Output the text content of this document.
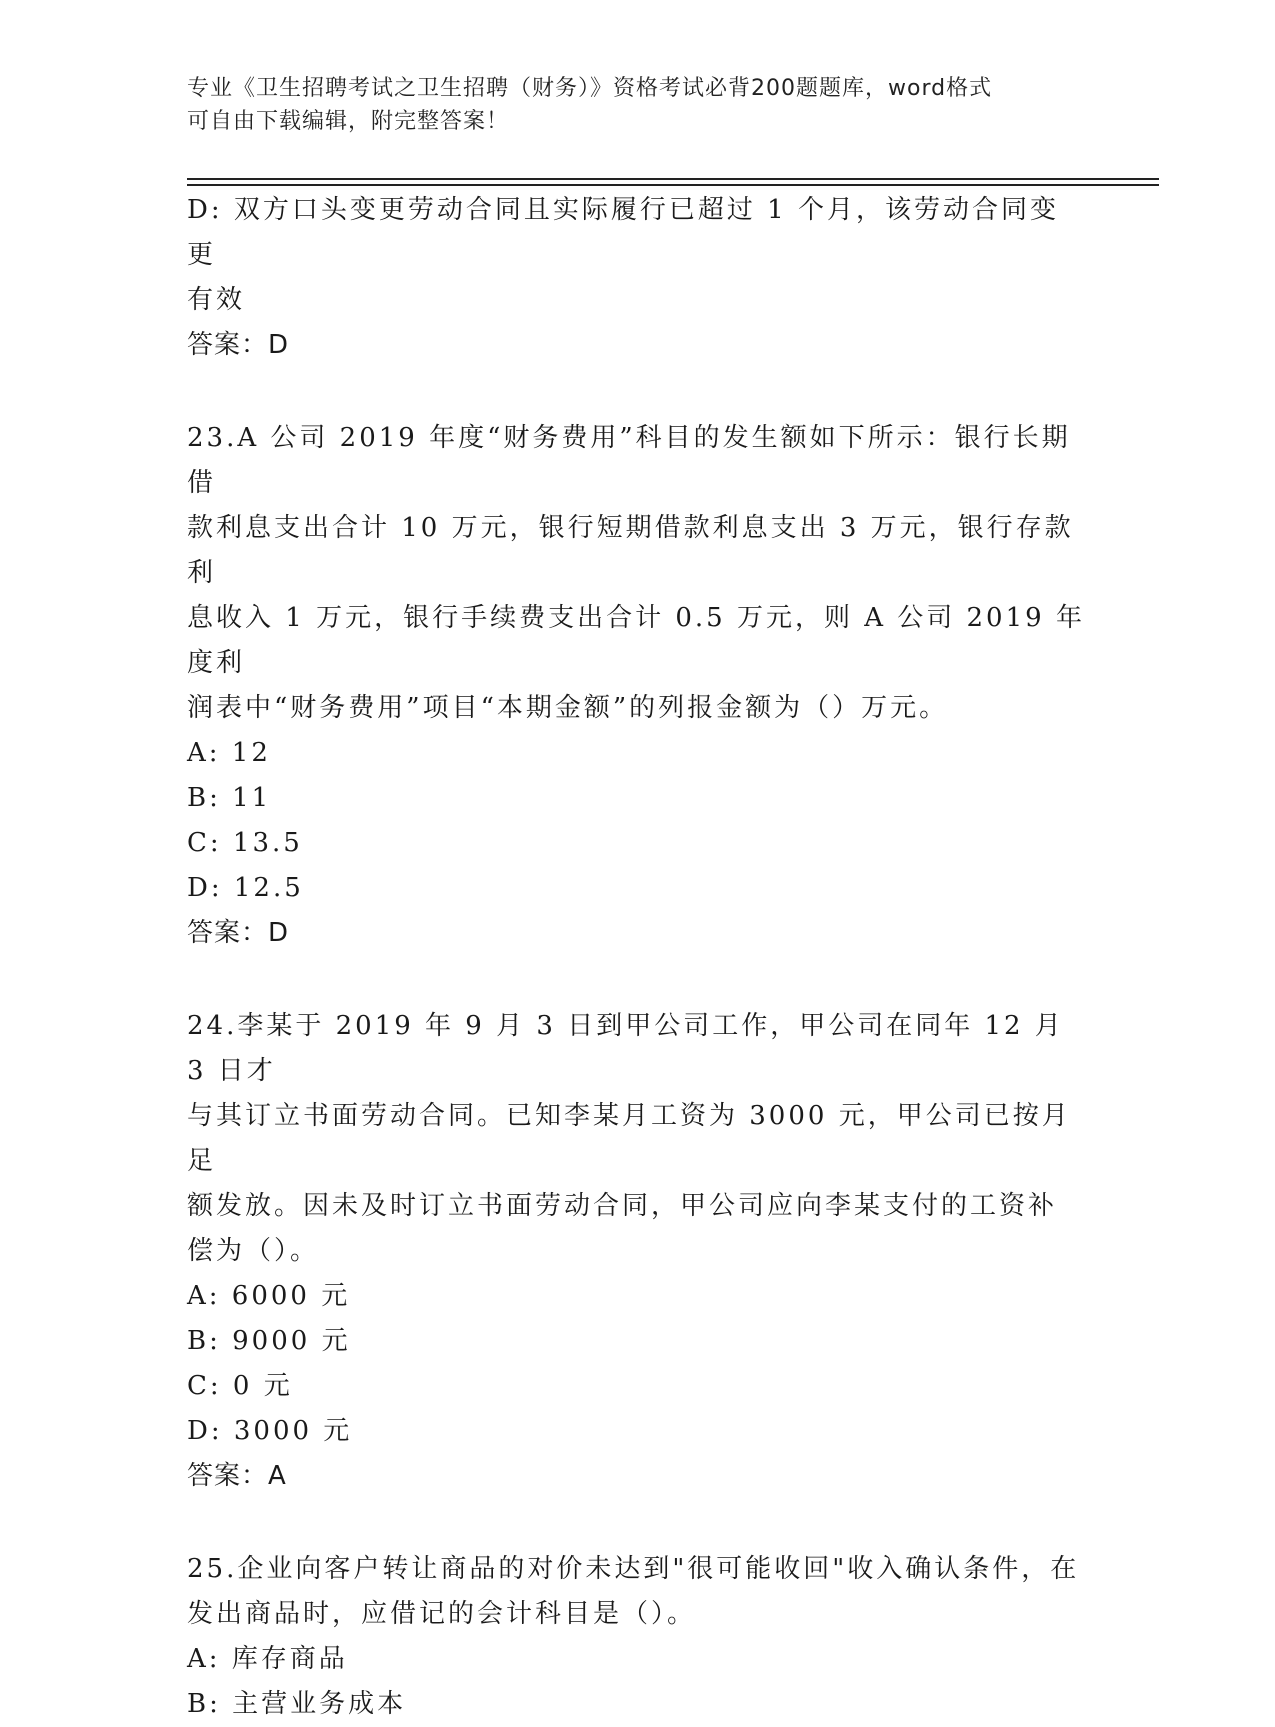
专业《卫生招聘考试之卫生招聘（财务）》资格考试必背200题题库，word格式
可自由下载编辑，附完整答案！

D: 双方口头变更劳动合同且实际履行已超过 1 个月，该劳动合同变更

有效

答案：D

23.A 公司 2019 年度“财务费用”科目的发生额如下所示：银行长期借

款利息支出合计 10 万元，银行短期借款利息支出 3 万元，银行存款利

息收入 1 万元，银行手续费支出合计 0.5 万元，则 A 公司 2019 年度利

润表中“财务费用”项目“本期金额”的列报金额为（）万元。

A: 12

B: 11

C: 13.5

D: 12.5

答案：D

24.李某于 2019 年 9 月 3 日到甲公司工作，甲公司在同年 12 月 3 日才

与其订立书面劳动合同。已知李某月工资为 3000 元，甲公司已按月足

额发放。因未及时订立书面劳动合同，甲公司应向李某支付的工资补

偿为（）。

A: 6000 元

B: 9000 元

C: 0 元

D: 3000 元

答案：A

25.企业向客户转让商品的对价未达到"很可能收回"收入确认条件，在

发出商品时，应借记的会计科目是（）。

A: 库存商品

B: 主营业务成本
